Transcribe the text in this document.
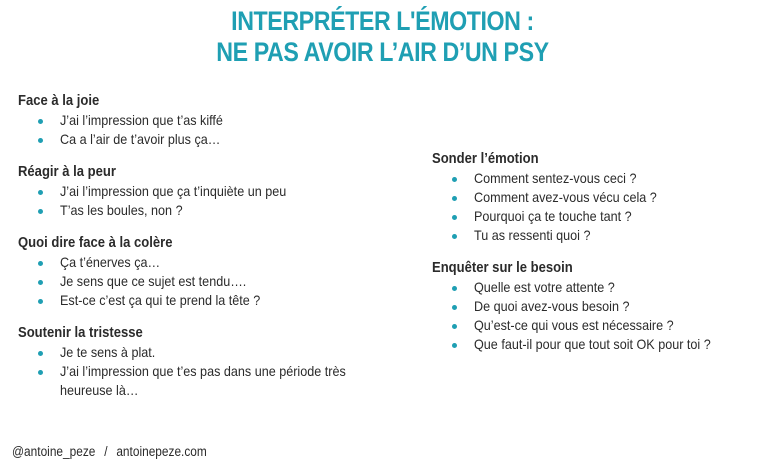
INTERPRÉTER L'ÉMOTION :
NE PAS AVOIR L’AIR D’UN PSY
Face à la joie
J’ai l’impression que t’as kiffé
Ca a l’air de t’avoir plus ça…
Réagir à la peur
J’ai l’impression que ça t’inquiète un peu
T’as les boules, non ?
Quoi dire face à la colère
Ça t’énerves ça…
Je sens que ce sujet est tendu….
Est-ce c’est ça qui te prend la tête ?
Soutenir la tristesse
Je te sens à plat.
J’ai l’impression que t’es pas dans une période très heureuse là…
Sonder l’émotion
Comment sentez-vous ceci ?
Comment avez-vous vécu cela ?
Pourquoi ça te touche tant ?
Tu as ressenti quoi ?
Enquêter sur le besoin
Quelle est votre attente ?
De quoi avez-vous besoin ?
Qu’est-ce qui vous est nécessaire ?
Que faut-il pour que tout soit OK pour toi ?
@antoine_peze / antoinepeze.com
